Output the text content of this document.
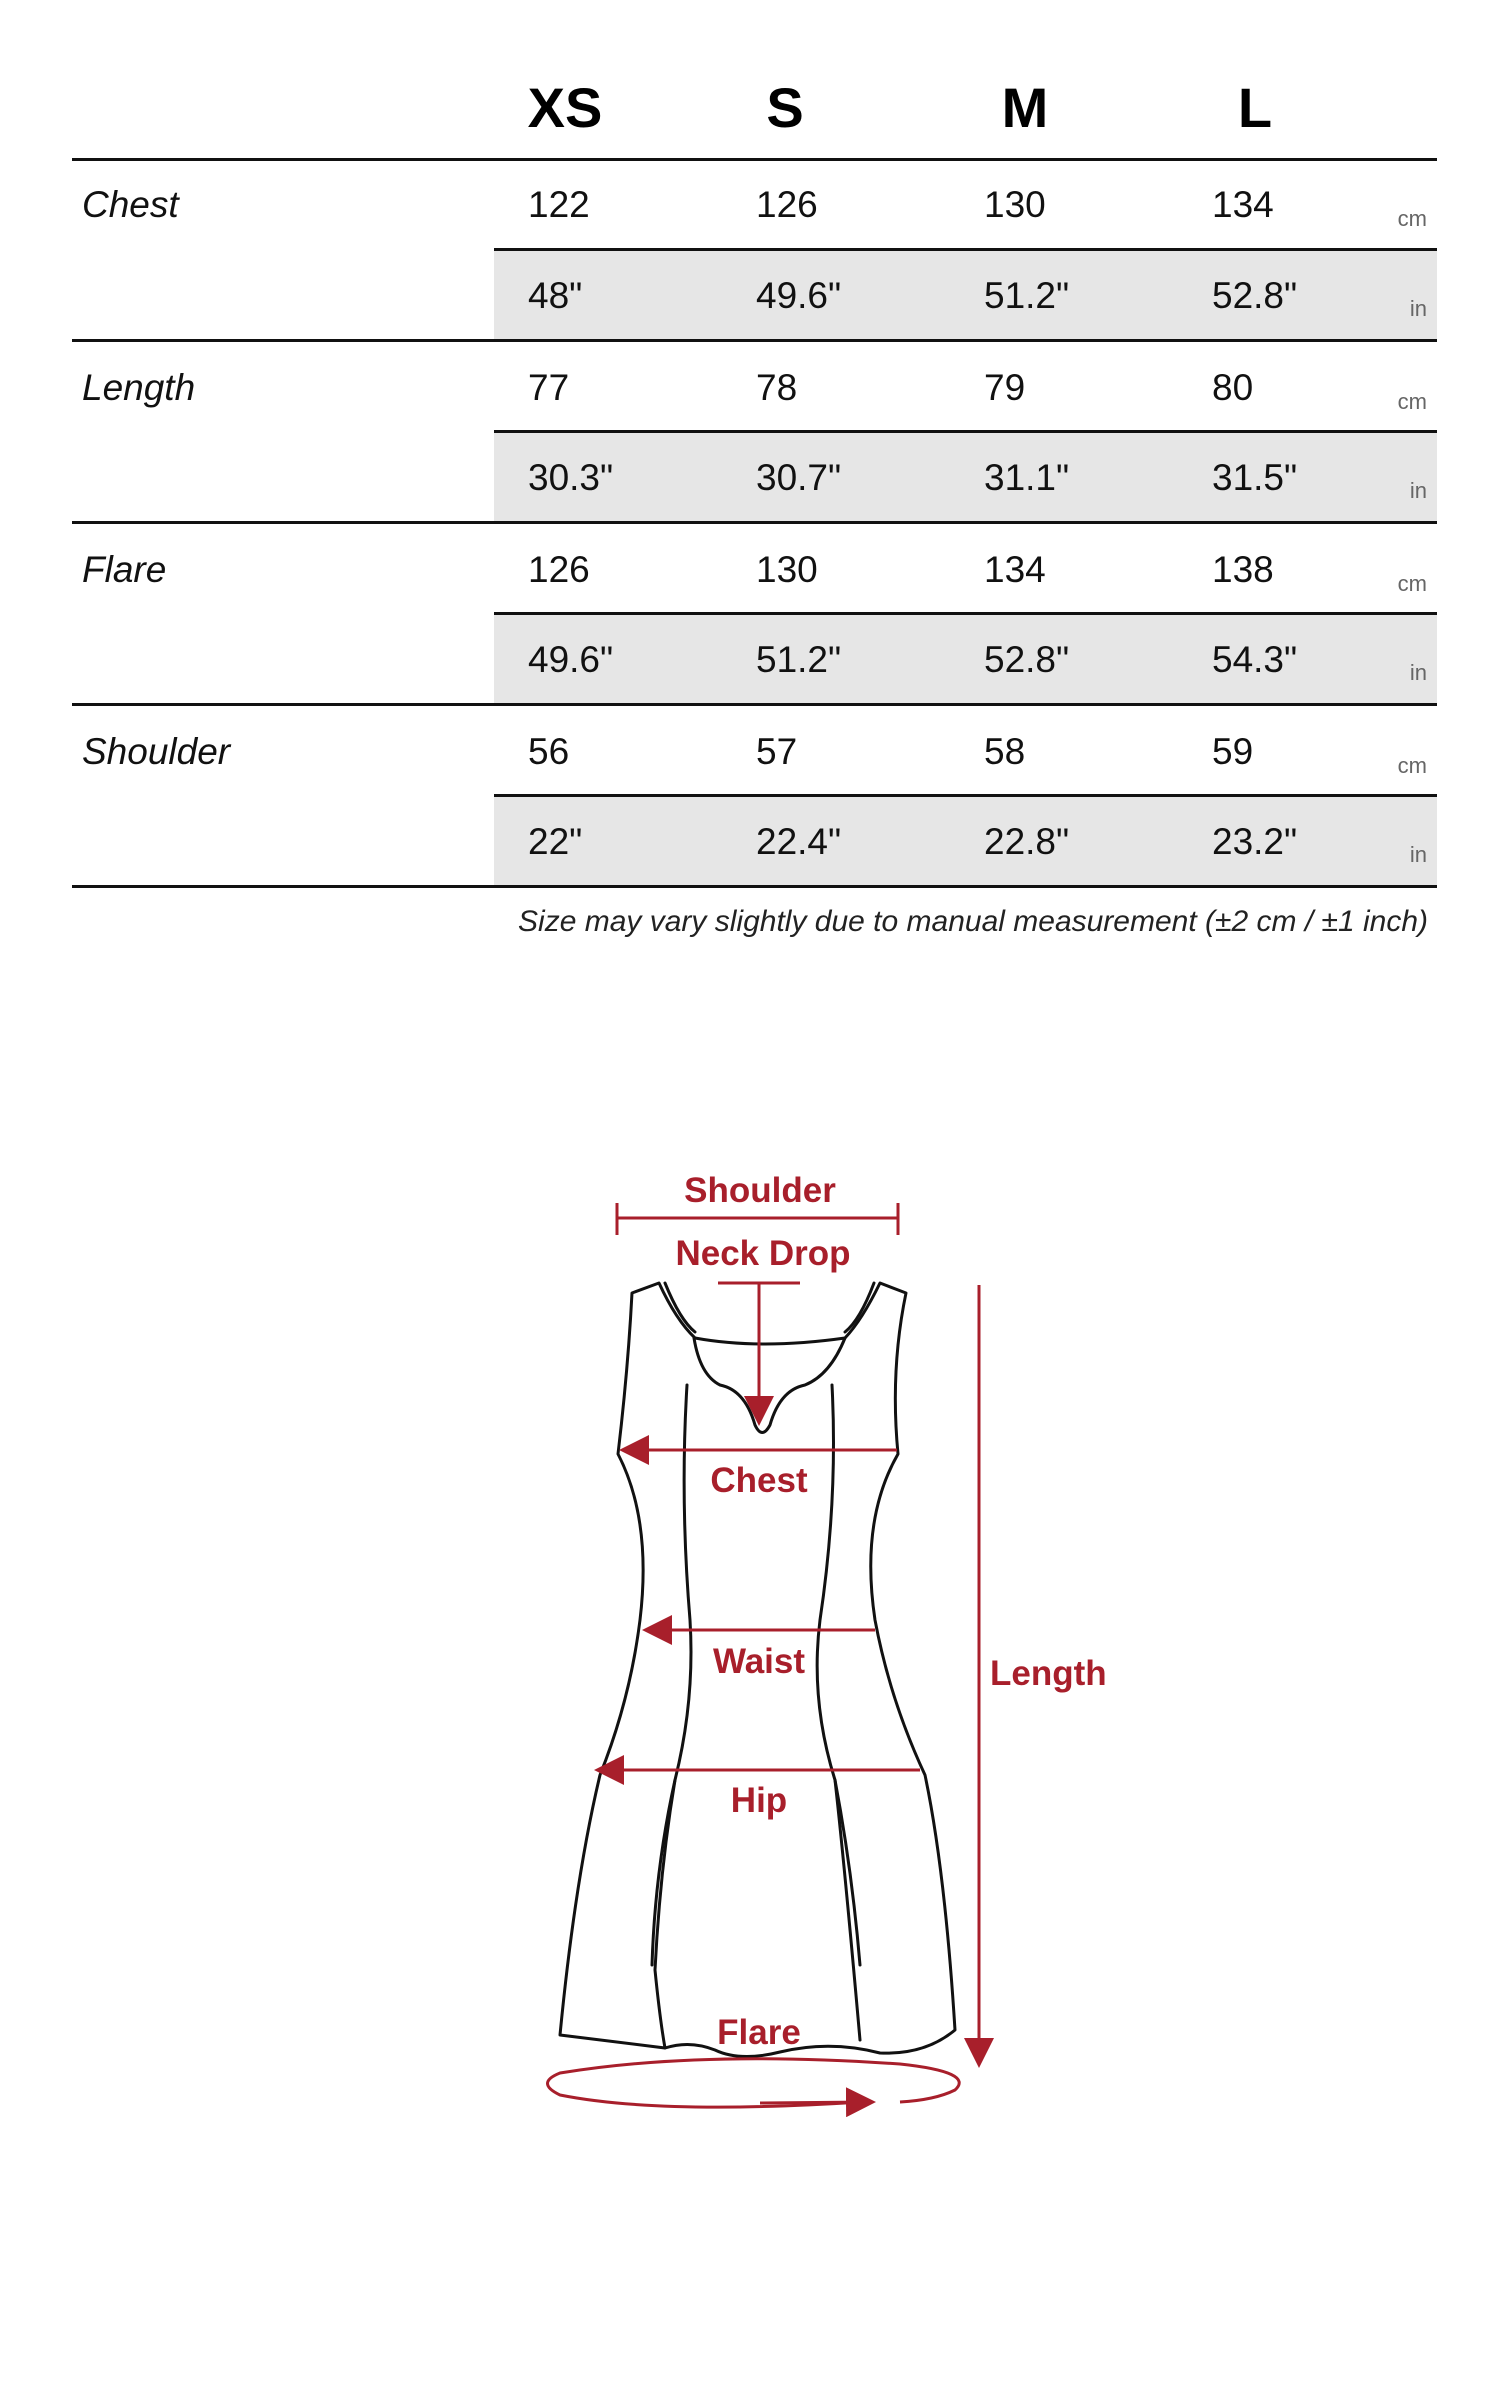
XS	S	M	L
Chest	122	126	130	134	cm
48"	49.6"	51.2"	52.8"	in
Length	77	78	79	80	cm
30.3"	30.7"	31.1"	31.5"	in
Flare	126	130	134	138	cm
49.6"	51.2"	52.8"	54.3"	in
Shoulder	56	57	58	59	cm
22"	22.4"	22.8"	23.2"	in
Size may vary slightly due to manual measurement (±2 cm / ±1 inch)
Shoulder
Neck Drop
Chest
Waist
Hip
Flare
Length
